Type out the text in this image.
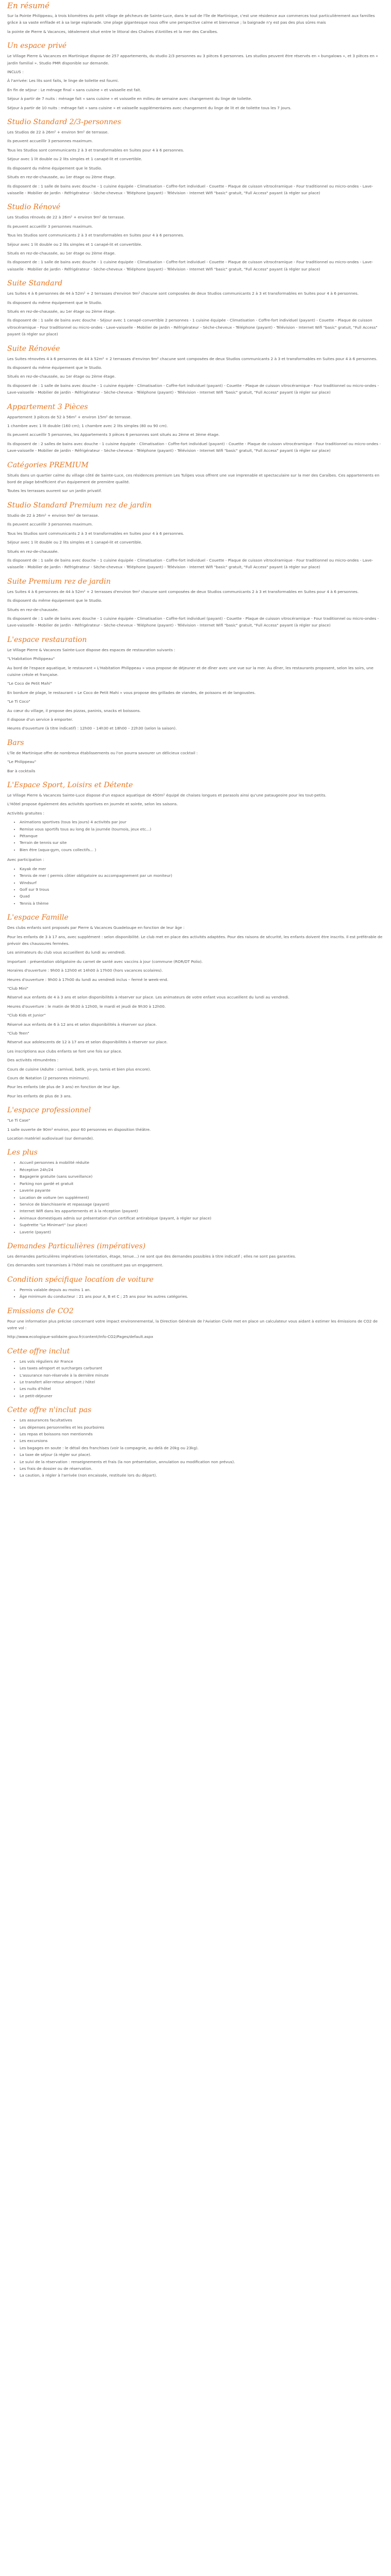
En résumé

Sur la Pointe Philippeau, à trois kilomètres du petit village de pêcheurs de Sainte-Luce, dans le sud de l'île de Martinique, c'est une résidence aux commerces tout particulièrement aux familles grâce à sa vaste enfilade et à sa large esplanade. Une plage gigantesque nous offre une perspective calme et bienvenue ; la baignade n'y est pas des plus sûres mais

la pointe de Pierre & Vacances, idéalement situé entre le littoral des Chaînes d'Antilles et la mer des Caraïbes.

Un espace privé

Le Village Pierre & Vacances en Martinique dispose de 257 appartements, du studio 2/3 personnes au 3 pièces 6 personnes. Les studios peuvent être réservés en « bungalows », et 3 pièces en « jardin familial ». Studio PMR disponible sur demande.

INCLUS :

À l'arrivée: Les lits sont faits, le linge de toilette est fourni.

En fin de séjour : Le ménage final « sans cuisine » et vaisselle est fait.

Séjour à partir de 7 nuits : ménage fait « sans cuisine » et vaisselle en milieu de semaine avec changement du linge de toilette.

Séjour à partir de 10 nuits : ménage fait « sans cuisine » et vaisselle supplémentaires avec changement du linge de lit et de toilette tous les 7 jours.

Studio Standard 2/3-personnes

Les Studios de 22 à 26m² + environ 9m² de terrasse.

Ils peuvent accueillir 3 personnes maximum.

Tous les Studios sont communicants 2 à 3 et transformables en Suites pour 4 à 6 personnes.

Séjour avec 1 lit double ou 2 lits simples et 1 canapé-lit et convertible.

Ils disposent du même équipement que le Studio.

Situés en rez-de-chaussée, au 1er étage ou 2ème étage.

Ils disposent de : 1 salle de bains avec douche - 1 cuisine équipée - Climatisation - Coffre-fort individuel - Couette - Plaque de cuisson vitrocéramique - Four traditionnel ou micro-ondes - Lave-vaisselle - Mobilier de jardin - Réfrigérateur - Sèche-cheveux - Téléphone (payant) - Télévision - Internet Wifi "basic" gratuit, "Full Access" payant (à régler sur place)

Studio Rénové

Les Studios rénovés de 22 à 26m² + environ 9m² de terrasse.

Ils peuvent accueillir 3 personnes maximum.

Tous les Studios sont communicants 2 à 3 et transformables en Suites pour 4 à 6 personnes.

Séjour avec 1 lit double ou 2 lits simples et 1 canapé-lit et convertible.

Situés en rez-de-chaussée, au 1er étage ou 2ème étage.

Ils disposent de : 1 salle de bains avec douche - 1 cuisine équipée - Climatisation - Coffre-fort individuel - Couette - Plaque de cuisson vitrocéramique - Four traditionnel ou micro-ondes - Lave-vaisselle - Mobilier de jardin - Réfrigérateur - Sèche-cheveux - Téléphone (payant) - Télévision - Internet Wifi "basic" gratuit, "Full Access" payant (à régler sur place)

Suite Standard

Les Suites 4 à 6 personnes de 44 à 52m² + 2 terrasses d'environ 9m² chacune sont composées de deux Studios communicants 2 à 3 et transformables en Suites pour 4 à 6 personnes.

Ils disposent du même équipement que le Studio.

Situés en rez-de-chaussée, au 1er étage ou 2ème étage.

Ils disposent de : 1 salle de bains avec douche - Séjour avec 1 canapé-convertible 2 personnes - 1 cuisine équipée - Climatisation - Coffre-fort individuel (payant) - Couette - Plaque de cuisson vitrocéramique - Four traditionnel ou micro-ondes - Lave-vaisselle - Mobilier de jardin - Réfrigérateur - Sèche-cheveux - Téléphone (payant) - Télévision - Internet Wifi "basic" gratuit, "Full Access" payant (à régler sur place)

Suite Rénovée

Les Suites rénovées 4 à 6 personnes de 44 à 52m² + 2 terrasses d'environ 9m² chacune sont composées de deux Studios communicants 2 à 3 et transformables en Suites pour 4 à 6 personnes.

Ils disposent du même équipement que le Studio.

Situés en rez-de-chaussée, au 1er étage ou 2ème étage.

Ils disposent de : 1 salle de bains avec douche - 1 cuisine équipée - Climatisation - Coffre-fort individuel (payant) - Couette - Plaque de cuisson vitrocéramique - Four traditionnel ou micro-ondes - Lave-vaisselle - Mobilier de jardin - Réfrigérateur - Sèche-cheveux - Téléphone (payant) - Télévision - Internet Wifi "basic" gratuit, "Full Access" payant (à régler sur place)

Appartement 3 Pièces

Appartement 3 pièces de 52 à 56m² + environ 15m² de terrasse.

1 chambre avec 1 lit double (160 cm); 1 chambre avec 2 lits simples (80 ou 90 cm).

Ils peuvent accueillir 5 personnes, les Appartements 3 pièces 6 personnes sont situés au 2ème et 3ème étage.

Ils disposent de : 2 salles de bains avec douche - 1 cuisine équipée - Climatisation - Coffre-fort individuel (payant) - Couette - Plaque de cuisson vitrocéramique - Four traditionnel ou micro-ondes - Lave-vaisselle - Mobilier de jardin - Réfrigérateur - Sèche-cheveux - Téléphone (payant) - Télévision - Internet Wifi "basic" gratuit, "Full Access" payant (à régler sur place)

Catégories PREMIUM

Situés dans un quartier calme du village côté de Sainte-Luce, ces résidences premium Les Tulipes vous offrent une vue imprenable et spectaculaire sur la mer des Caraïbes. Ces appartements en bord de plage bénéficient d'un équipement de première qualité.

Toutes les terrasses ouvrent sur un jardin privatif.

Studio Standard Premium rez de jardin

Studio de 22 à 26m² + environ 9m² de terrasse.

Ils peuvent accueillir 3 personnes maximum.

Tous les Studios sont communicants 2 à 3 et transformables en Suites pour 4 à 6 personnes.

Séjour avec 1 lit double ou 2 lits simples et 1 canapé-lit et convertible.

Situés en rez-de-chaussée.

Ils disposent de : 1 salle de bains avec douche - 1 cuisine équipée - Climatisation - Coffre-fort individuel - Couette - Plaque de cuisson vitrocéramique - Four traditionnel ou micro-ondes - Lave-vaisselle - Mobilier de jardin - Réfrigérateur - Sèche-cheveux - Téléphone (payant) - Télévision - Internet Wifi "basic" gratuit, "Full Access" payant (à régler sur place)

Suite Premium rez de jardin

Les Suites 4 à 6 personnes de 44 à 52m² + 2 terrasses d'environ 9m² chacune sont composées de deux Studios communicants 2 à 3 et transformables en Suites pour 4 à 6 personnes.

Ils disposent du même équipement que le Studio.

Situés en rez-de-chaussée.

Ils disposent de : 1 salle de bains avec douche - 1 cuisine équipée - Climatisation - Coffre-fort individuel (payant) - Couette - Plaque de cuisson vitrocéramique - Four traditionnel ou micro-ondes - Lave-vaisselle - Mobilier de jardin - Réfrigérateur - Sèche-cheveux - Téléphone (payant) - Télévision - Internet Wifi "basic" gratuit, "Full Access" payant (à régler sur place)

L'espace restauration

Le Village Pierre & Vacances Sainte-Luce dispose des espaces de restauration suivants :

"L'Habitation Philippeau"

Au bord de l'espace aquatique, le restaurant « L'Habitation Philippeau » vous propose de déjeuner et de dîner avec une vue sur la mer. Au dîner, les restaurants proposent, selon les soirs, une cuisine créole et française.

"Le Coco de Petit Mahi"

En bordure de plage, le restaurant « Le Coco de Petit Mahi » vous propose des grillades de viandes, de poissons et de langoustes.

"Le Ti Coco"

Au cœur du village, il propose des pizzas, paninis, snacks et boissons.

Il dispose d'un service à emporter.

Heures d'ouverture (à titre indicatif) : 12h00 – 14h30 et 18h00 – 22h30 (selon la saison).

Bars

L'île de Martinique offre de nombreux établissements ou l'on pourra savourer un délicieux cocktail :

"Le Philippeau"

Bar à cocktails

L'Espace Sport, Loisirs et Détente

Le Village Pierre & Vacances Sainte-Luce dispose d'un espace aquatique de 450m² équipé de chaises longues et parasols ainsi qu'une pataugeoire pour les tout-petits.

L'Hôtel propose également des activités sportives en journée et soirée, selon les saisons.

Activités gratuites :

• Animations sportives (tous les jours) 4 activités par jour
• Remise vous sportifs tous au long de la journée (tournois, jeux etc...)
• Pétanque
• Terrain de tennis sur site
• Bien être (aqua-gym, cours collectifs... )

Avec participation :

• Kayak de mer
• Tennis de mer ( permis côtier obligatoire ou accompagnement par un moniteur)
• Windsurf
• Golf sur 9 trous
• Quad
• Tennis à thème
L'espace Famille

Des clubs enfants sont proposés par Pierre & Vacances Guadeloupe en fonction de leur âge :

Pour les enfants de 3 à 17 ans, avec supplément : selon disponibilité. Le club met en place des activités adaptées. Pour des raisons de sécurité, les enfants doivent être inscrits. Il est préférable de prévoir des chaussures fermées.

Les animateurs du club vous accueillent du lundi au vendredi.

Important : présentation obligatoire du carnet de santé avec vaccins à jour (commune (ROR/DT Polio).

Horaires d'ouverture : 9h00 à 12h00 et 14h00 à 17h00 (hors vacances scolaires).

Heures d'ouverture : 9h00 à 17h00 du lundi au vendredi inclus – fermé le week-end.

"Club Mini"

Réservé aux enfants de 4 à 3 ans et selon disponibilités à réserver sur place. Les animateurs de votre enfant vous accueillent du lundi au vendredi.

Heures d'ouverture : le matin de 9h30 à 12h00, le mardi et jeudi de 9h30 à 12h00.

"Club Kids et Junior"

Réservé aux enfants de 6 à 12 ans et selon disponibilités à réserver sur place.

"Club Teen"

Réservé aux adolescents de 12 à 17 ans et selon disponibilités à réserver sur place.

Les inscriptions aux clubs enfants se font une fois sur place.

Des activités rémunérées :

Cours de cuisine (Adulte : carnival, batik, yo-yo, tamis et bien plus encore).

Cours de Natation (2 personnes minimum).

Pour les enfants (de plus de 3 ans) en fonction de leur âge.

Pour les enfants de plus de 3 ans.

L'espace professionnel

"Le Ti Case"

1 salle ouverte de 90m² environ, pour 60 personnes en disposition théâtre.

Location matériel audiovisuel (sur demande).

Les plus
• Accueil personnes à mobilité réduite
• Réception 24h/24
• Bagagerie gratuite (sans surveillance)
• Parking non gardé et gratuit
• Laverie payante
• Location de voiture (en supplément)
• Service de blanchisserie et repassage (payant)
• Internet Wifi dans les appartements et à la réception (payant)
• Animaux domestiques admis sur présentation d'un certificat antirabique (payant, à régler sur place)
• Supérette "Le Minimart" (sur place)
• Laverie (payant)
Demandes Particulières (impératives)

Les demandes particulières impératives (orientation, étage, tenue...) ne sont que des demandes possibles à titre indicatif ; elles ne sont pas garanties.

Ces demandes sont transmises à l'hôtel mais ne constituent pas un engagement.

Condition spécifique location de voiture
• Permis valable depuis au moins 1 an.
• Âge minimum du conducteur : 21 ans pour A, B et C ; 25 ans pour les autres catégories.
Emissions de CO2

Pour une information plus précise concernant votre impact environnemental, la Direction Générale de l'Aviation Civile met en place un calculateur vous aidant à estimer les émissions de CO2 de votre vol :

http://www.ecologique-solidaire.gouv.fr/content/Info-CO2/Pages/default.aspx

Cette offre inclut
• Les vols réguliers Air France
• Les taxes aéroport et surcharges carburant
• L'assurance non-réservée à la dernière minute
• Le transfert aller-retour aéroport / hôtel
• Les nuits d'hôtel
• Le petit-déjeuner
Cette offre n'inclut pas
• Les assurances facultatives
• Les dépenses personnelles et les pourboires
• Les repas et boissons non mentionnés
• Les excursions
• Les bagages en soute : le détail des franchises (voir la compagnie, au-delà de 20kg ou 23kg).
• La taxe de séjour (à régler sur place).
• Le suivi de la réservation : renseignements et frais (la non présentation, annulation ou modification non prévus).
• Les frais de dossier ou de réservation.
• La caution, à régler à l'arrivée (non encaissée, restituée lors du départ).
